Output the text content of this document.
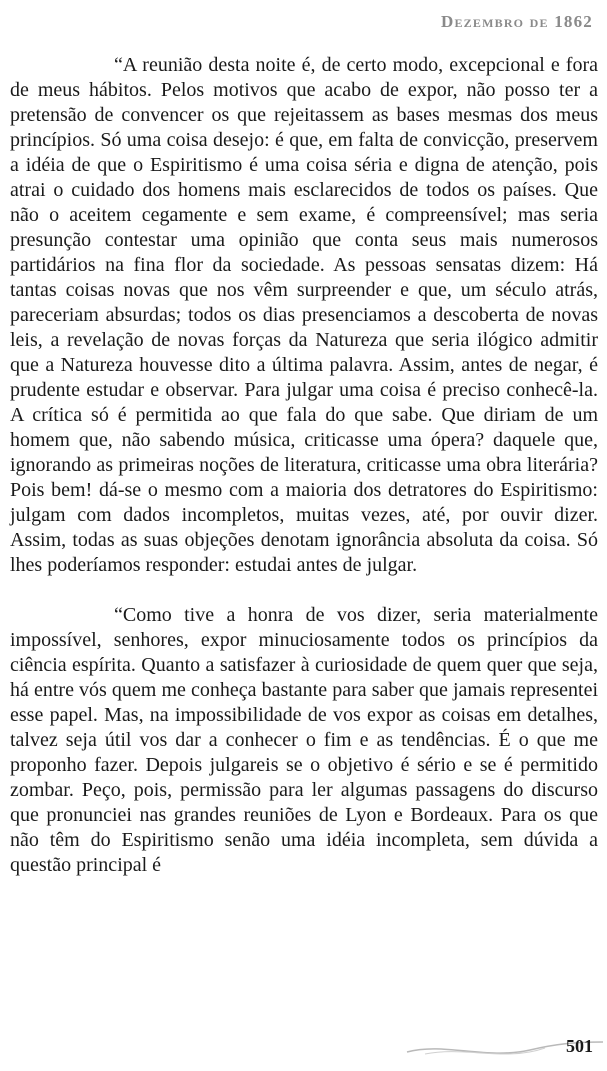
Dezembro de 1862

“A reunião desta noite é, de certo modo, excepcional e fora de meus hábitos. Pelos motivos que acabo de expor, não posso ter a pretensão de convencer os que rejeitassem as bases mesmas dos meus princípios. Só uma coisa desejo: é que, em falta de convicção, preservem a idéia de que o Espiritismo é uma coisa séria e digna de atenção, pois atrai o cuidado dos homens mais esclarecidos de todos os países. Que não o aceitem cegamente e sem exame, é compreensível; mas seria presunção contestar uma opinião que conta seus mais numerosos partidários na fina flor da sociedade. As pessoas sensatas dizem: Há tantas coisas novas que nos vêm surpreender e que, um século atrás, pareceriam absurdas; todos os dias presenciamos a descoberta de novas leis, a revelação de novas forças da Natureza que seria ilógico admitir que a Natureza houvesse dito a última palavra. Assim, antes de negar, é prudente estudar e observar. Para julgar uma coisa é preciso conhecê-la. A crítica só é permitida ao que fala do que sabe. Que diriam de um homem que, não sabendo música, criticasse uma ópera? daquele que, ignorando as primeiras noções de literatura, criticasse uma obra literária? Pois bem! dá-se o mesmo com a maioria dos detratores do Espiritismo: julgam com dados incompletos, muitas vezes, até, por ouvir dizer. Assim, todas as suas objeções denotam ignorância absoluta da coisa. Só lhes poderíamos responder: estudai antes de julgar.

“Como tive a honra de vos dizer, seria materialmente impossível, senhores, expor minuciosamente todos os princípios da ciência espírita. Quanto a satisfazer à curiosidade de quem quer que seja, há entre vós quem me conheça bastante para saber que jamais representei esse papel. Mas, na impossibilidade de vos expor as coisas em detalhes, talvez seja útil vos dar a conhecer o fim e as tendências. É o que me proponho fazer. Depois julgareis se o objetivo é sério e se é permitido zombar. Peço, pois, permissão para ler algumas passagens do discurso que pronunciei nas grandes reuniões de Lyon e Bordeaux. Para os que não têm do Espiritismo senão uma idéia incompleta, sem dúvida a questão principal é

501
